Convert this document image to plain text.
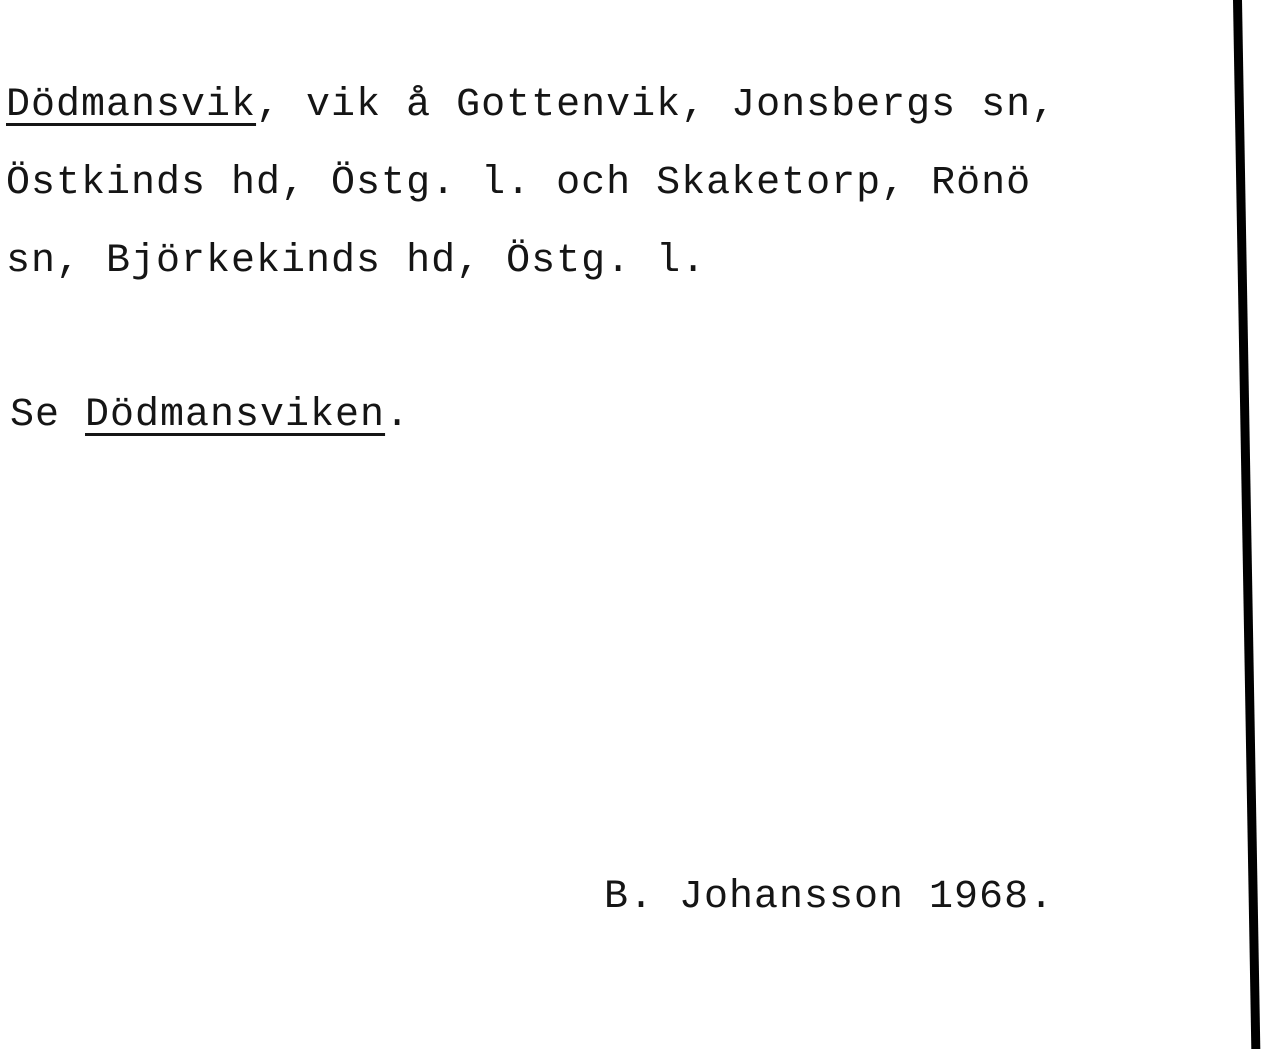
Dödmansvik, vik å Gottenvik, Jonsbergs sn,
Östkinds hd, Östg. l. och Skaketorp, Rönö
sn, Björkekinds hd, Östg. l.
Se Dödmansviken.
B. Johansson 1968.
